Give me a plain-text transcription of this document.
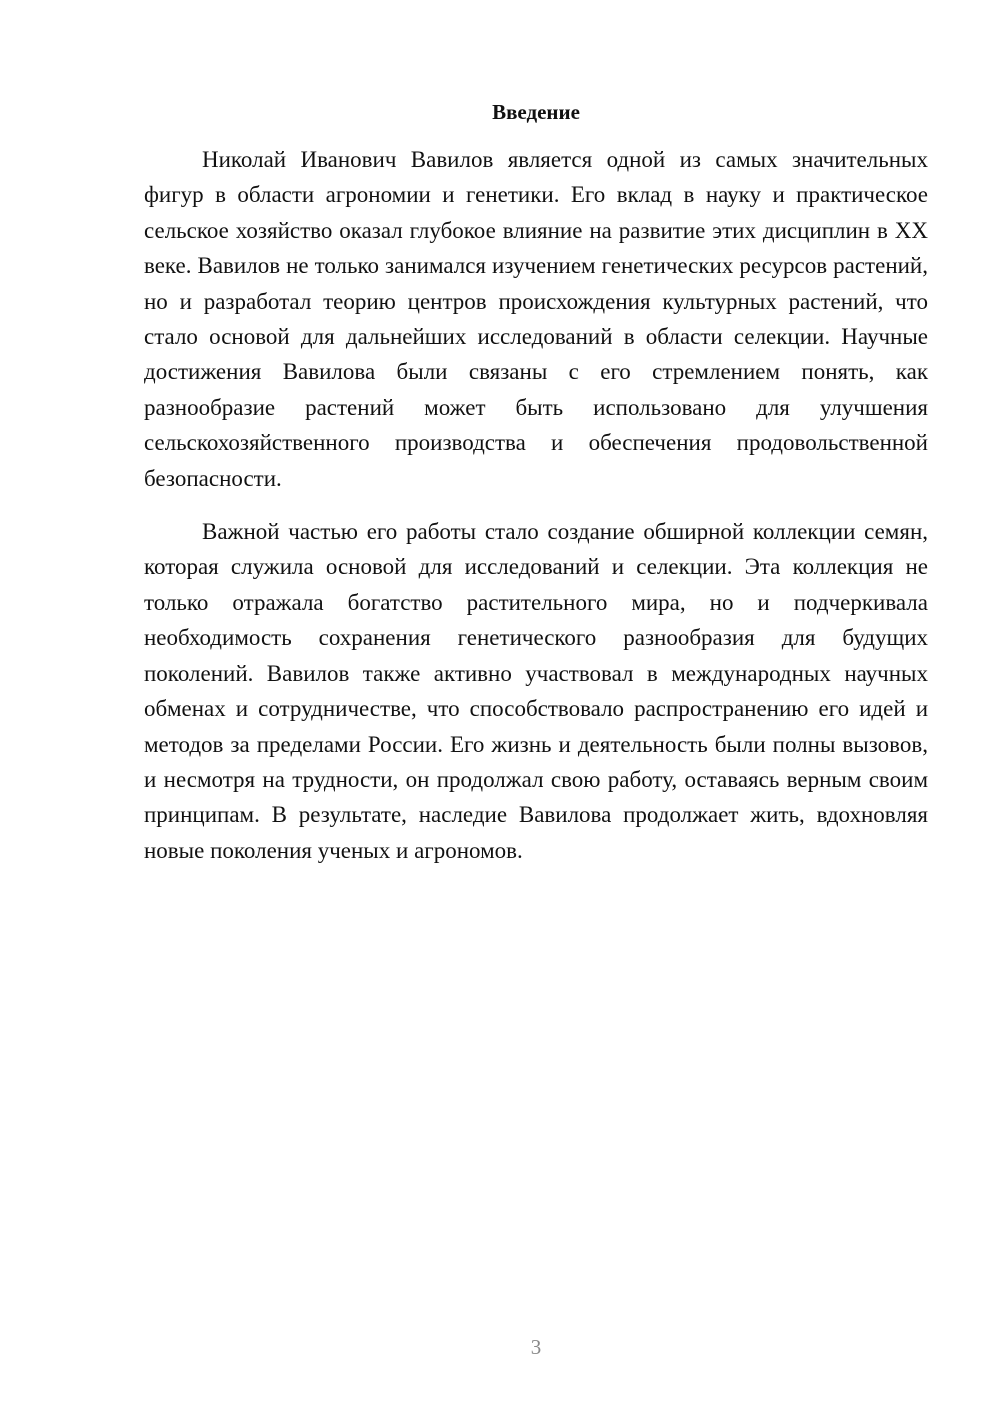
Введение

Николай Иванович Вавилов является одной из самых значительных фигур в области агрономии и генетики. Его вклад в науку и практическое сельское хозяйство оказал глубокое влияние на развитие этих дисциплин в XX веке. Вавилов не только занимался изучением генетических ресурсов растений, но и разработал теорию центров происхождения культурных растений, что стало основой для дальнейших исследований в области селекции. Научные достижения Вавилова были связаны с его стремлением понять, как разнообразие растений может быть использовано для улучшения сельскохозяйственного производства и обеспечения продовольственной безопасности.

Важной частью его работы стало создание обширной коллекции семян, которая служила основой для исследований и селекции. Эта коллекция не только отражала богатство растительного мира, но и подчеркивала необходимость сохранения генетического разнообразия для будущих поколений. Вавилов также активно участвовал в международных научных обменах и сотрудничестве, что способствовало распространению его идей и методов за пределами России. Его жизнь и деятельность были полны вызовов, и несмотря на трудности, он продолжал свою работу, оставаясь верным своим принципам. В результате, наследие Вавилова продолжает жить, вдохновляя новые поколения ученых и агрономов.

3
